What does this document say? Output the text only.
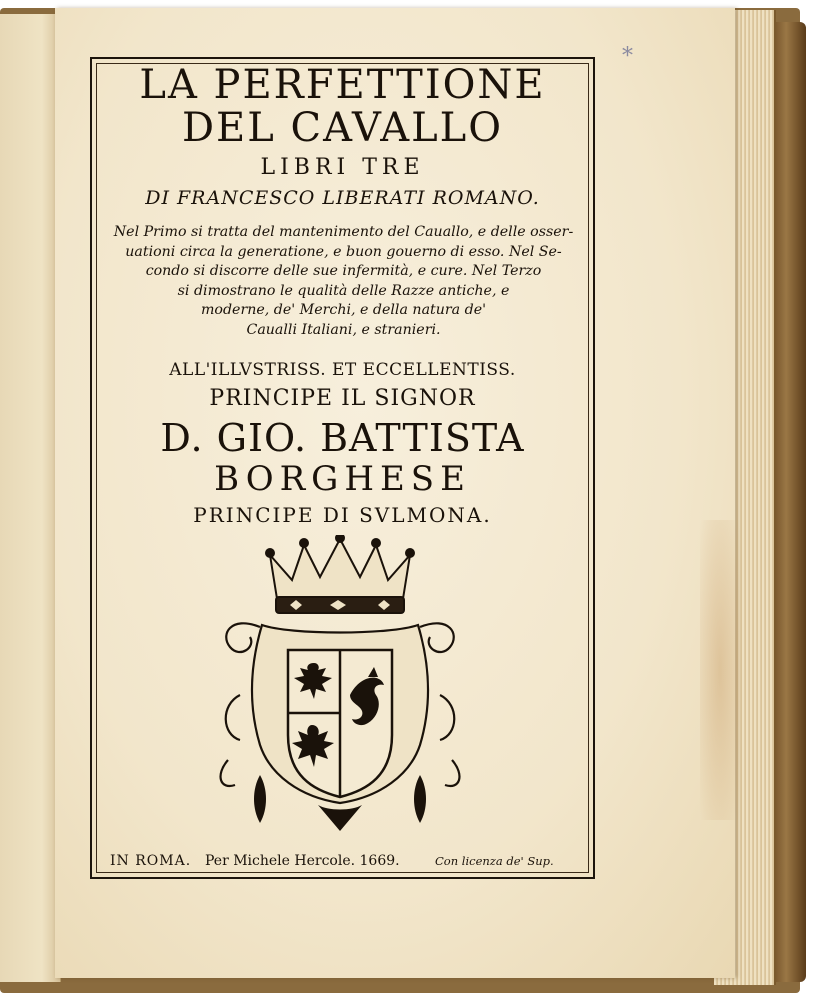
*

LA PERFETTIONE

DEL CAVALLO

LIBRI TRE

DI FRANCESCO LIBERATI ROMANO.

Nel Primo si tratta del mantenimento del Cauallo, e delle osser-
uationi circa la generatione, e buon gouerno di esso. Nel Se-
condo si discorre delle sue infermità, e cure. Nel Terzo
si dimostrano le qualità delle Razze antiche, e
moderne, de' Merchi, e della natura de'
Caualli Italiani, e stranieri.

ALL'ILLVSTRISS. ET ECCELLENTISS.

PRINCIPE IL SIGNOR

D. GIO. BATTISTA

BORGHESE

PRINCIPE DI SVLMONA.

IN ROMA. Per Michele Hercole. 1669.	Con licenza de' Sup.
